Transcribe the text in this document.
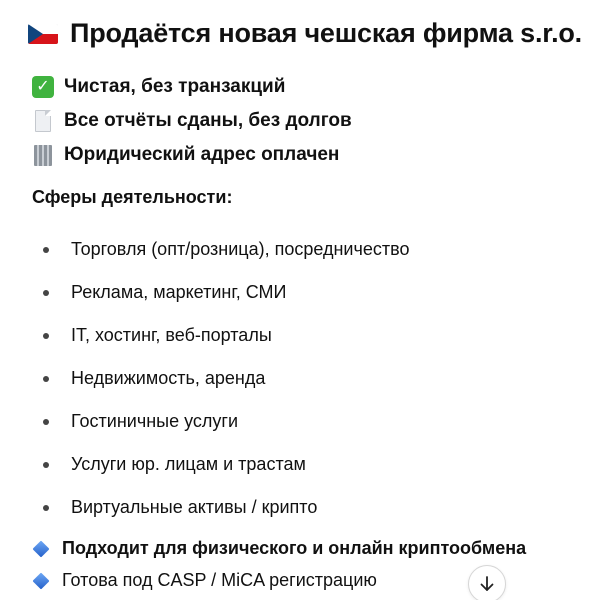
Продаётся новая чешская фирма s.r.o.
✓ Чистая, без транзакций
Все отчёты сданы, без долгов
Юридический адрес оплачен
Сферы деятельности:
Торговля (опт/розница), посредничество
Реклама, маркетинг, СМИ
IT, хостинг, веб-порталы
Недвижимость, аренда
Гостиничные услуги
Услуги юр. лицам и трастам
Виртуальные активы / крипто
Подходит для физического и онлайн криптообмена
Готова под CASP / MiCA регистрацию
